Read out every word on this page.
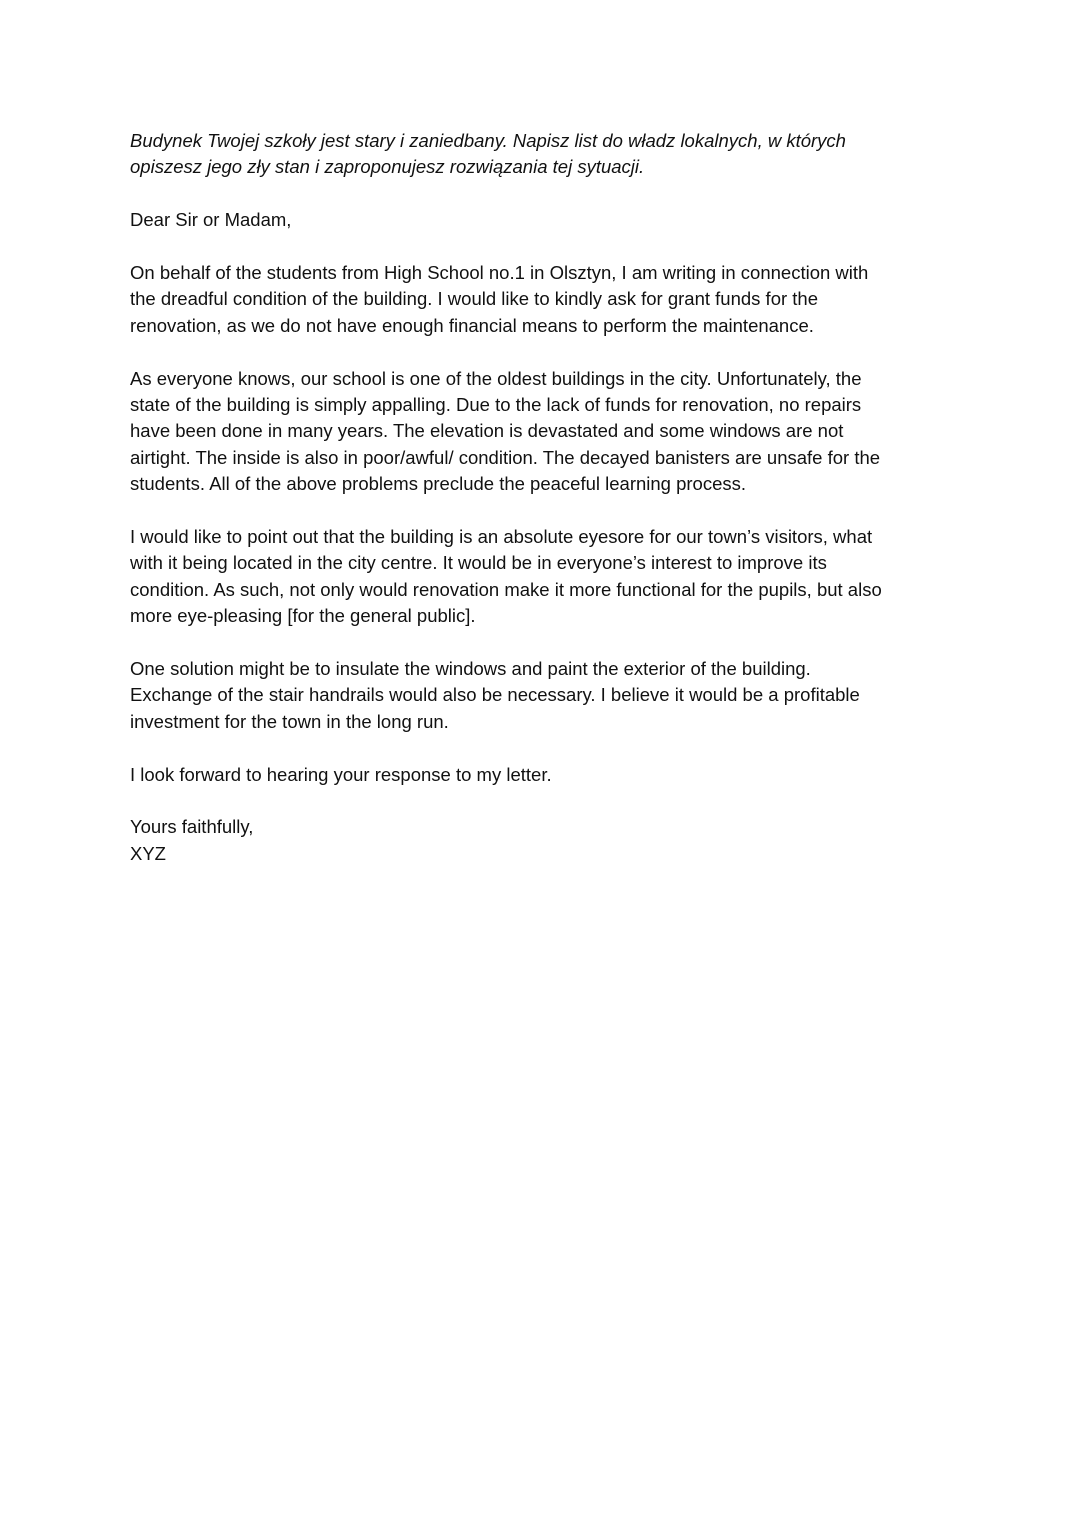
Budynek Twojej szkoły jest stary i zaniedbany. Napisz list do władz lokalnych, w których
opiszesz jego zły stan i zaproponujesz rozwiązania tej sytuacji.
Dear Sir or Madam,
On behalf of the students from High School no.1 in Olsztyn, I am writing in connection with
the dreadful condition of the building. I would like to kindly ask for grant funds for the
renovation, as we do not have enough financial means to perform the maintenance.
As everyone knows, our school is one of the oldest buildings in the city. Unfortunately, the
state of the building is simply appalling. Due to the lack of funds for renovation, no repairs
have been done in many years. The elevation is devastated and some windows are not
airtight. The inside is also in poor/awful/ condition. The decayed banisters are unsafe for the
students. All of the above problems preclude the peaceful learning process.
I would like to point out that the building is an absolute eyesore for our town’s visitors, what
with it being located in the city centre. It would be in everyone’s interest to improve its
condition. As such, not only would renovation make it more functional for the pupils, but also
more eye-pleasing [for the general public].
One solution might be to insulate the windows and paint the exterior of the building.
Exchange of the stair handrails would also be necessary. I believe it would be a profitable
investment for the town in the long run.
I look forward to hearing your response to my letter.
Yours faithfully,
XYZ
